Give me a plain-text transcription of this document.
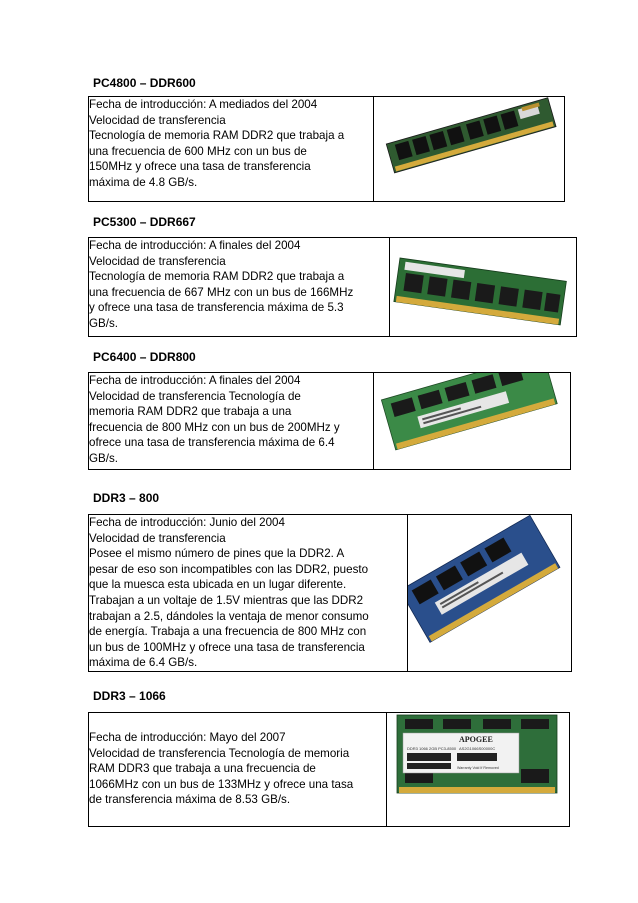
PC4800 – DDR600
Fecha de introducción: A mediados del 2004
Velocidad de transferencia
Tecnología de memoria RAM DDR2 que trabaja a
una frecuencia de 600 MHz con un bus de
150MHz y ofrece una tasa de transferencia
máxima de 4.8 GB/s.	
PC5300 – DDR667
Fecha de introducción: A finales del 2004
Velocidad de transferencia
Tecnología de memoria RAM DDR2 que trabaja a
una frecuencia de 667 MHz con un bus de 166MHz
y ofrece una tasa de transferencia máxima de 5.3
GB/s.	
PC6400 – DDR800
Fecha de introducción: A finales del 2004
Velocidad de transferencia Tecnología de
memoria RAM DDR2 que trabaja a una
frecuencia de 800 MHz con un bus de 200MHz y
ofrece una tasa de transferencia máxima de 6.4
GB/s.	
DDR3 – 800
Fecha de introducción: Junio del 2004
Velocidad de transferencia
Posee el mismo número de pines que la DDR2. A
pesar de eso son incompatibles con las DDR2, puesto
que la muesca esta ubicada en un lugar diferente.
Trabajan a un voltaje de 1.5V mientras que las DDR2
trabajan a 2.5, dándoles la ventaja de menor consumo
de energía. Trabaja a una frecuencia de 800 MHz con
un bus de 100MHz y ofrece una tasa de transferencia
máxima de 6.4 GB/s.	
DDR3 – 1066
Fecha de introducción: Mayo del 2007
Velocidad de transferencia Tecnología de memoria
RAM DDR3 que trabaja a una frecuencia de
1066MHz con un bus de 133MHz y ofrece una tasa
de transferencia máxima de 8.53 GB/s.	
APOGEE
DDR3 1066 2GB PC3-8500 AS2G1066S00000C
Warranty Void If Removed
